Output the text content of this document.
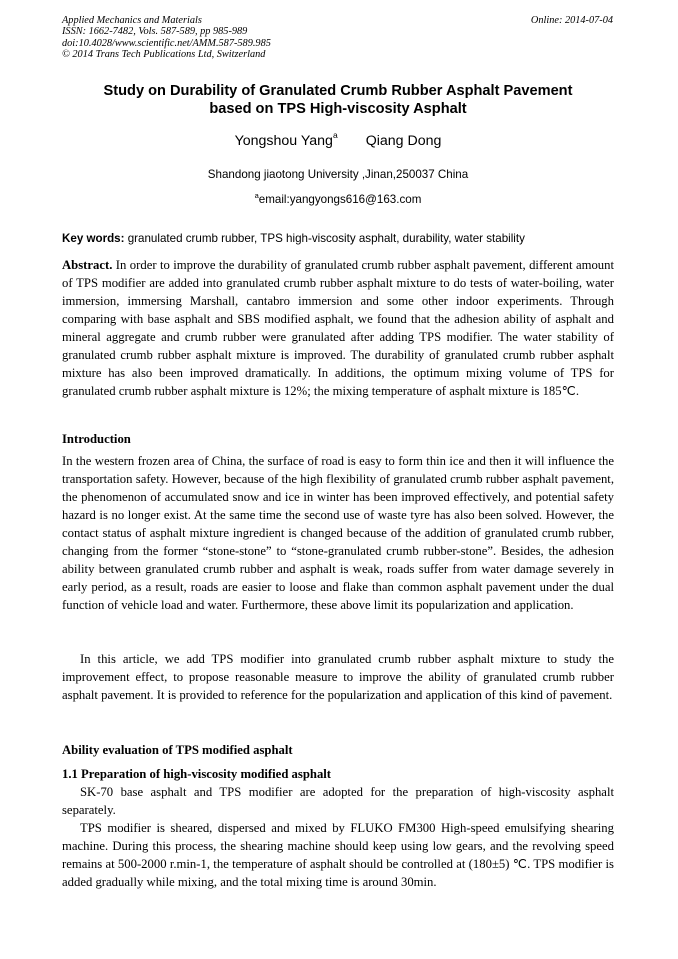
Applied Mechanics and Materials
ISSN: 1662-7482, Vols. 587-589, pp 985-989
doi:10.4028/www.scientific.net/AMM.587-589.985
© 2014 Trans Tech Publications Ltd, Switzerland
Online: 2014-07-04
Study on Durability of Granulated Crumb Rubber Asphalt Pavement
based on TPS High-viscosity Asphalt
Yongshou Yang$^a$ Qiang Dong
Shandong jiaotong University ,Jinan,250037 China
$^a$email:yangyongs616@163.com
Key words: granulated crumb rubber, TPS high-viscosity asphalt, durability, water stability

Abstract. In order to improve the durability of granulated crumb rubber asphalt pavement, different amount of TPS modifier are added into granulated crumb rubber asphalt mixture to do tests of water-boiling, water immersion, immersing Marshall, cantabro immersion and some other indoor experiments. Through comparing with base asphalt and SBS modified asphalt, we found that the adhesion ability of asphalt and mineral aggregate and crumb rubber were granulated after adding TPS modifier. The water stability of granulated crumb rubber asphalt mixture is improved. The durability of granulated crumb rubber asphalt mixture has also been improved dramatically. In additions, the optimum mixing volume of TPS for granulated crumb rubber asphalt mixture is 12%; the mixing temperature of asphalt mixture is 185℃.

Introduction

In the western frozen area of China, the surface of road is easy to form thin ice and then it will influence the transportation safety. However, because of the high flexibility of granulated crumb rubber asphalt pavement, the phenomenon of accumulated snow and ice in winter has been improved effectively, and potential safety hazard is no longer exist. At the same time the second use of waste tyre has also been solved. However, the contact status of asphalt mixture ingredient is changed because of the addition of granulated crumb rubber, changing from the former “stone-stone” to “stone-granulated crumb rubber-stone”. Besides, the adhesion ability between granulated crumb rubber and asphalt is weak, roads suffer from water damage severely in early period, as a result, roads are easier to loose and flake than common asphalt pavement under the dual function of vehicle load and water. Furthermore, these above limit its popularization and application.

In this article, we add TPS modifier into granulated crumb rubber asphalt mixture to study the improvement effect, to propose reasonable measure to improve the ability of granulated crumb rubber asphalt pavement. It is provided to reference for the popularization and application of this kind of pavement.

Ability evaluation of TPS modified asphalt
1.1 Preparation of high-viscosity modified asphalt

SK-70 base asphalt and TPS modifier are adopted for the preparation of high-viscosity asphalt separately.

TPS modifier is sheared, dispersed and mixed by FLUKO FM300 High-speed emulsifying shearing machine. During this process, the shearing machine should keep using low gears, and the revolving speed remains at 500-2000 r.min-1, the temperature of asphalt should be controlled at (180±5) ℃. TPS modifier is added gradually while mixing, and the total mixing time is around 30min.
